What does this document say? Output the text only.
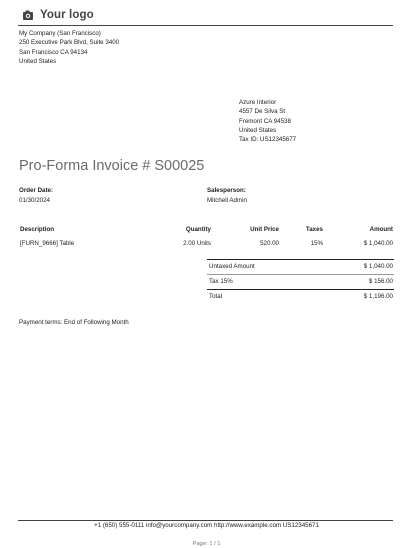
Your logo
My Company (San Francisco)
250 Executive Park Blvd, Suite 3400
San Francisco CA 94134
United States
Azure Interior
4557 De Silva St
Fremont CA 94538
United States
Tax ID: US12345677
Pro-Forma Invoice # S00025
Order Date:
01/30/2024
Salesperson:
Mitchell Admin
Description	Quantity	Unit Price	Taxes	Amount
[FURN_9666] Table	2.00 Units	520.00	15%	$ 1,040.00
Untaxed Amount	$ 1,040.00
Tax 15%	$ 156.00
Total	$ 1,196.00
Payment terms: End of Following Month
+1 (650) 555-0111 info@yourcompany.com http://www.example.com US12345671
Page: 1 / 1
